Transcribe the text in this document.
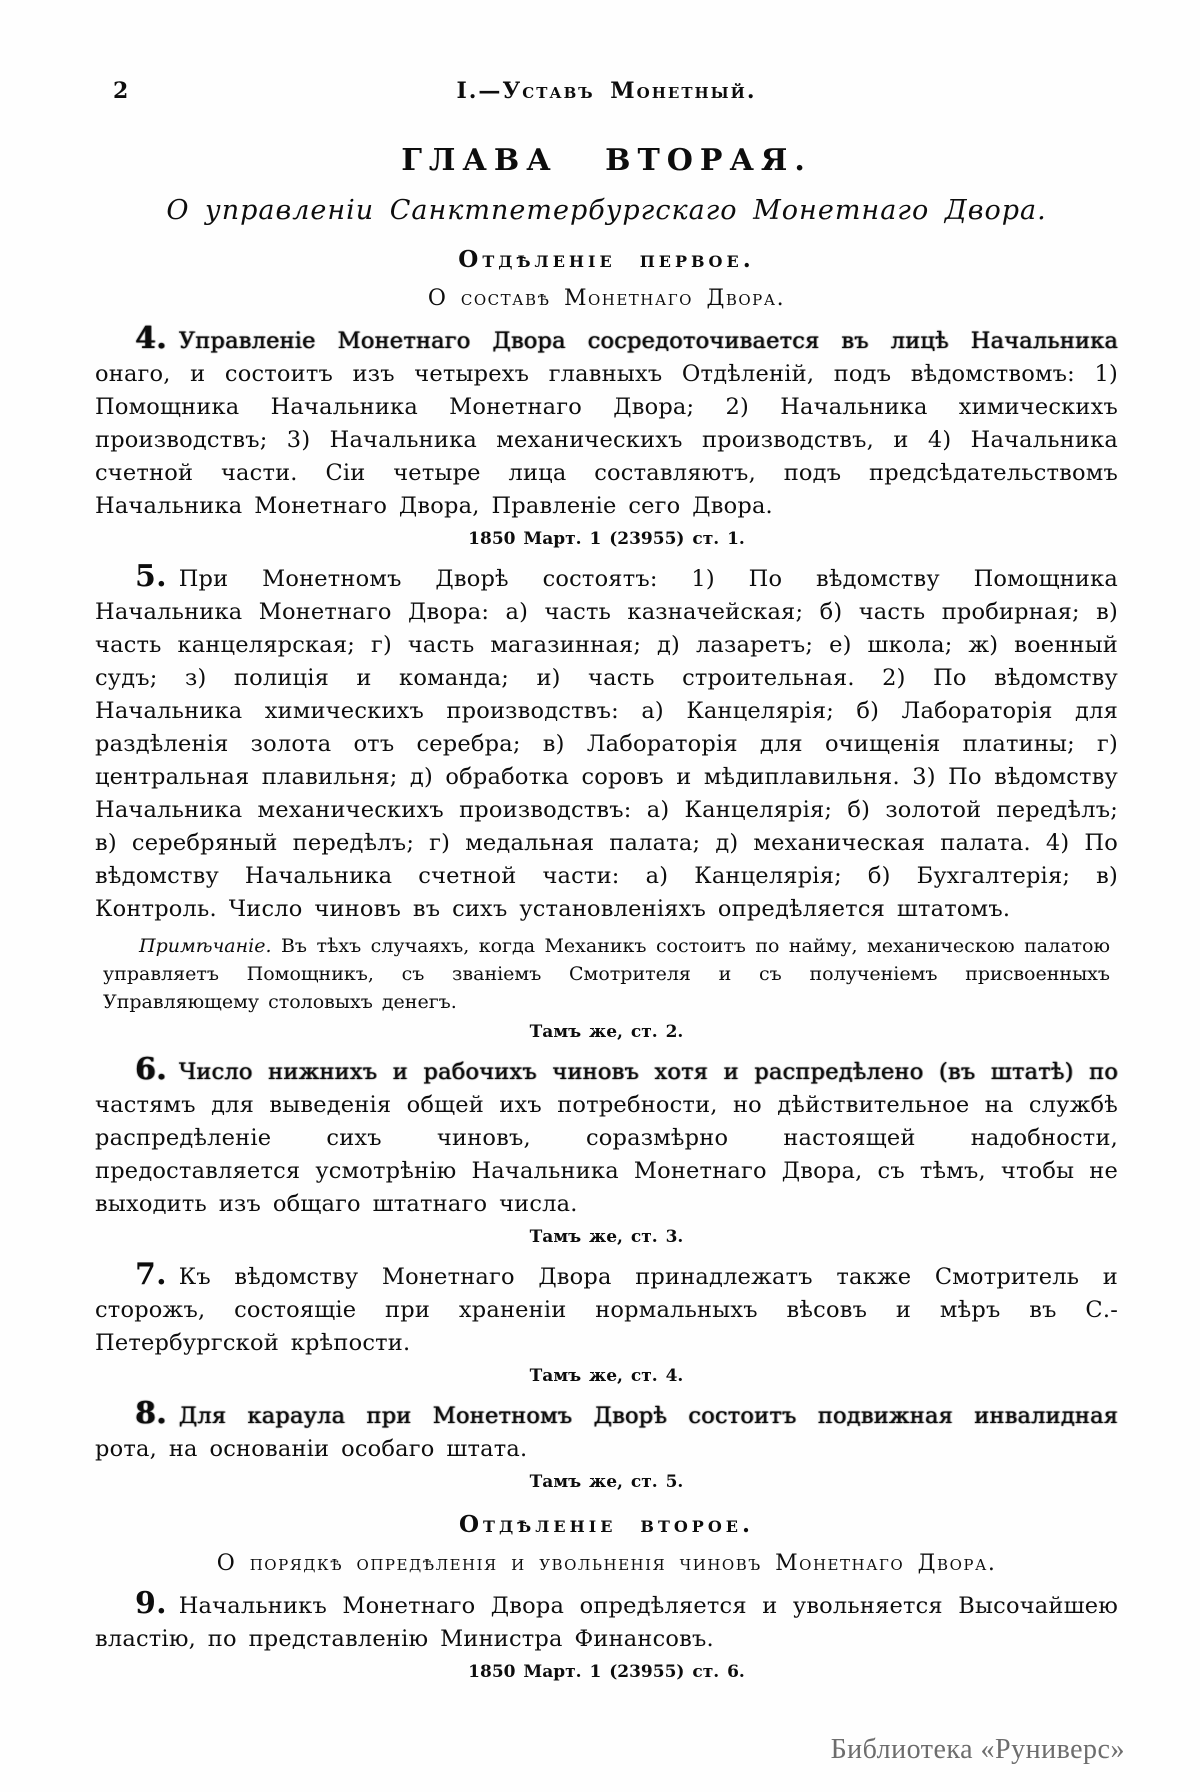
2	I.—Уставъ Монетный.
ГЛАВА ВТОРАЯ.
О управленіи Санктпетербургскаго Монетнаго Двора.
Отдѣленіе первое.
О составѣ Монетнаго Двора.

4. Управленіе Монетнаго Двора сосредоточивается въ лицѣ Начальника онаго, и состоитъ изъ четырехъ главныхъ Отдѣленій, подъ вѣдомствомъ: 1) Помощника Начальника Монетнаго Двора; 2) Начальника химическихъ производствъ; 3) Начальника механическихъ производствъ, и 4) Начальника счетной части. Сіи четыре лица составляютъ, подъ предсѣдательствомъ Начальника Монетнаго Двора, Правленіе сего Двора.

1850 Март. 1 (23955) ст. 1.

5. При Монетномъ Дворѣ состоятъ: 1) По вѣдомству Помощника Начальника Монетнаго Двора: а) часть казначейская; б) часть пробирная; в) часть канцелярская; г) часть магазинная; д) лазаретъ; е) школа; ж) военный судъ; з) полиція и команда; и) часть строительная. 2) По вѣдомству Начальника химическихъ производствъ: а) Канцелярія; б) Лабораторія для раздѣленія золота отъ серебра; в) Лабораторія для очищенія платины; г) центральная плавильня; д) обработка соровъ и мѣдиплавильня. 3) По вѣдомству Начальника механическихъ производствъ: а) Канцелярія; б) золотой передѣлъ; в) серебряный передѣлъ; г) медальная палата; д) механическая палата. 4) По вѣдомству Начальника счетной части: а) Канцелярія; б) Бухгалтерія; в) Контроль. Число чиновъ въ сихъ установленіяхъ опредѣляется штатомъ.

Примѣчаніе. Въ тѣхъ случаяхъ, когда Механикъ состоитъ по найму, механическою палатою управляетъ Помощникъ, съ званіемъ Смотрителя и съ полученіемъ присвоенныхъ Управляющему столовыхъ денегъ.

Тамъ же, ст. 2.

6. Число нижнихъ и рабочихъ чиновъ хотя и распредѣлено (въ штатѣ) по частямъ для выведенія общей ихъ потребности, но дѣйствительное на службѣ распредѣленіе сихъ чиновъ, соразмѣрно настоящей надобности, предоставляется усмотрѣнію Начальника Монетнаго Двора, съ тѣмъ, чтобы не выходить изъ общаго штатнаго числа.

Тамъ же, ст. 3.

7. Къ вѣдомству Монетнаго Двора принадлежатъ также Смотритель и сторожъ, состоящіе при храненіи нормальныхъ вѣсовъ и мѣръ въ С.-Петербургской крѣпости.

Тамъ же, ст. 4.

8. Для караула при Монетномъ Дворѣ состоитъ подвижная инвалидная рота, на основаніи особаго штата.

Тамъ же, ст. 5.

Отдѣленіе второе.
О порядкѣ опредѣленія и увольненія чиновъ Монетнаго Двора.

9. Начальникъ Монетнаго Двора опредѣляется и увольняется Высочайшею властію, по представленію Министра Финансовъ.

1850 Март. 1 (23955) ст. 6.

Библиотека «Руниверс»
